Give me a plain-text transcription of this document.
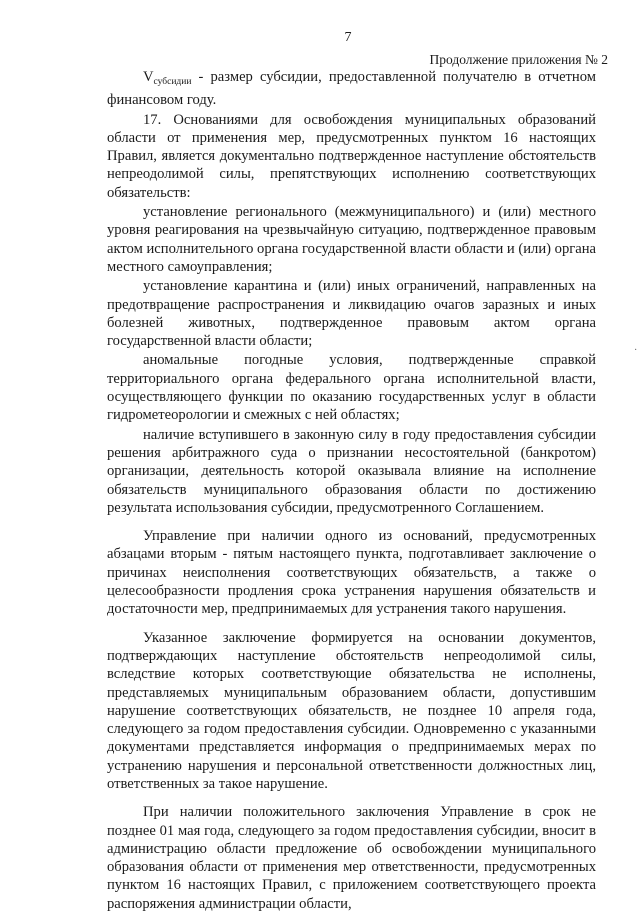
7
Продолжение приложения № 2

$V_{субсидии}$ - размер субсидии, предоставленной получателю в отчетном финансовом году.

17. Основаниями для освобождения муниципальных образований области от применения мер, предусмотренных пунктом 16 настоящих Правил, является документально подтвержденное наступление обстоятельств непреодолимой силы, препятствующих исполнению соответствующих обязательств:

установление регионального (межмуниципального) и (или) местного уровня реагирования на чрезвычайную ситуацию, подтвержденное правовым актом исполнительного органа государственной власти области и (или) органа местного самоуправления;

установление карантина и (или) иных ограничений, направленных на предотвращение распространения и ликвидацию очагов заразных и иных болезней животных, подтвержденное правовым актом органа государственной власти области;

аномальные погодные условия, подтвержденные справкой территориального органа федерального органа исполнительной власти, осуществляющего функции по оказанию государственных услуг в области гидрометеорологии и смежных с ней областях;

наличие вступившего в законную силу в году предоставления субсидии решения арбитражного суда о признании несостоятельной (банкротом) организации, деятельность которой оказывала влияние на исполнение обязательств муниципального образования области по достижению результата использования субсидии, предусмотренного Соглашением.

Управление при наличии одного из оснований, предусмотренных абзацами вторым - пятым настоящего пункта, подготавливает заключение о причинах неисполнения соответствующих обязательств, а также о целесообразности продления срока устранения нарушения обязательств и достаточности мер, предпринимаемых для устранения такого нарушения.

Указанное заключение формируется на основании документов, подтверждающих наступление обстоятельств непреодолимой силы, вследствие которых соответствующие обязательства не исполнены, представляемых муниципальным образованием области, допустившим нарушение соответствующих обязательств, не позднее 10 апреля года, следующего за годом предоставления субсидии. Одновременно с указанными документами представляется информация о предпринимаемых мерах по устранению нарушения и персональной ответственности должностных лиц, ответственных за такое нарушение.

При наличии положительного заключения Управление в срок не позднее 01 мая года, следующего за годом предоставления субсидии, вносит в администрацию области предложение об освобождении муниципального образования области от применения мер ответственности, предусмотренных пунктом 16 настоящих Правил, с приложением соответствующего проекта распоряжения администрации области,

·
